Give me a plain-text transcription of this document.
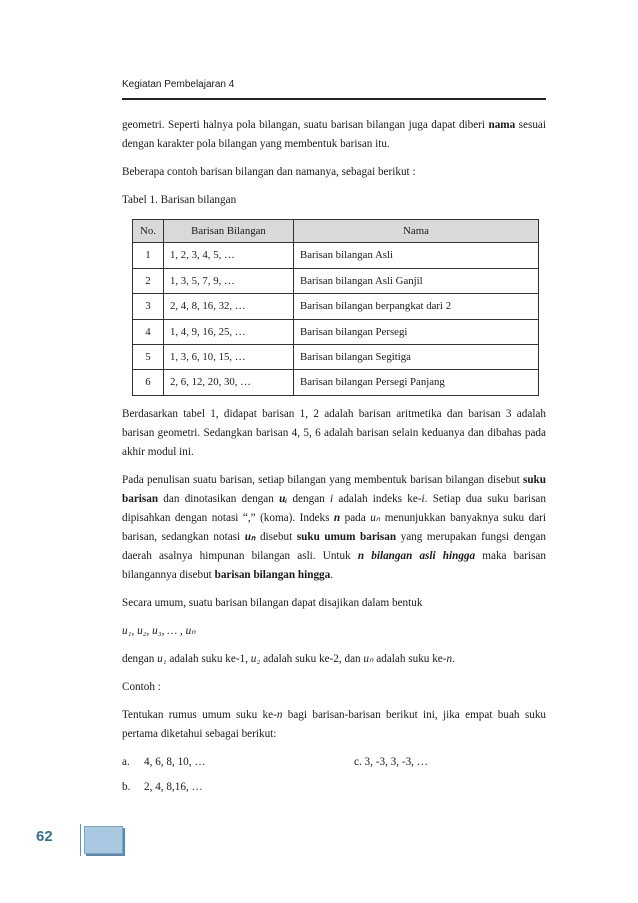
Kegiatan Pembelajaran 4

geometri. Seperti halnya pola bilangan, suatu barisan bilangan juga dapat diberi nama sesuai dengan karakter pola bilangan yang membentuk barisan itu.

Beberapa contoh barisan bilangan dan namanya, sebagai berikut :

Tabel 1. Barisan bilangan

No.	Barisan Bilangan	Nama
1	1, 2, 3, 4, 5, …	Barisan bilangan Asli
2	1, 3, 5, 7, 9, …	Barisan bilangan Asli Ganjil
3	2, 4, 8, 16, 32, …	Barisan bilangan berpangkat dari 2
4	1, 4, 9, 16, 25, …	Barisan bilangan Persegi
5	1, 3, 6, 10, 15, …	Barisan bilangan Segitiga
6	2, 6, 12, 20, 30, …	Barisan bilangan Persegi Panjang

Berdasarkan tabel 1, didapat barisan 1, 2 adalah barisan aritmetika dan barisan 3 adalah barisan geometri. Sedangkan barisan 4, 5, 6 adalah barisan selain keduanya dan dibahas pada akhir modul ini.

Pada penulisan suatu barisan, setiap bilangan yang membentuk barisan bilangan disebut suku barisan dan dinotasikan dengan uᵢ dengan i adalah indeks ke-i. Setiap dua suku barisan dipisahkan dengan notasi “,” (koma). Indeks n pada uₙ menunjukkan banyaknya suku dari barisan, sedangkan notasi uₙ disebut suku umum barisan yang merupakan fungsi dengan daerah asalnya himpunan bilangan asli. Untuk n bilangan asli hingga maka barisan bilangannya disebut barisan bilangan hingga.

Secara umum, suatu barisan bilangan dapat disajikan dalam bentuk

u₁, u₂, u₃, … , uₙ

dengan u₁ adalah suku ke-1, u₂ adalah suku ke-2, dan uₙ adalah suku ke-n.

Contoh :

Tentukan rumus umum suku ke-n bagi barisan-barisan berikut ini, jika empat buah suku pertama diketahui sebagai berikut:

a. 4, 6, 8, 10, …	c. 3, -3, 3, -3, …
b. 2, 4, 8,16, …
62
